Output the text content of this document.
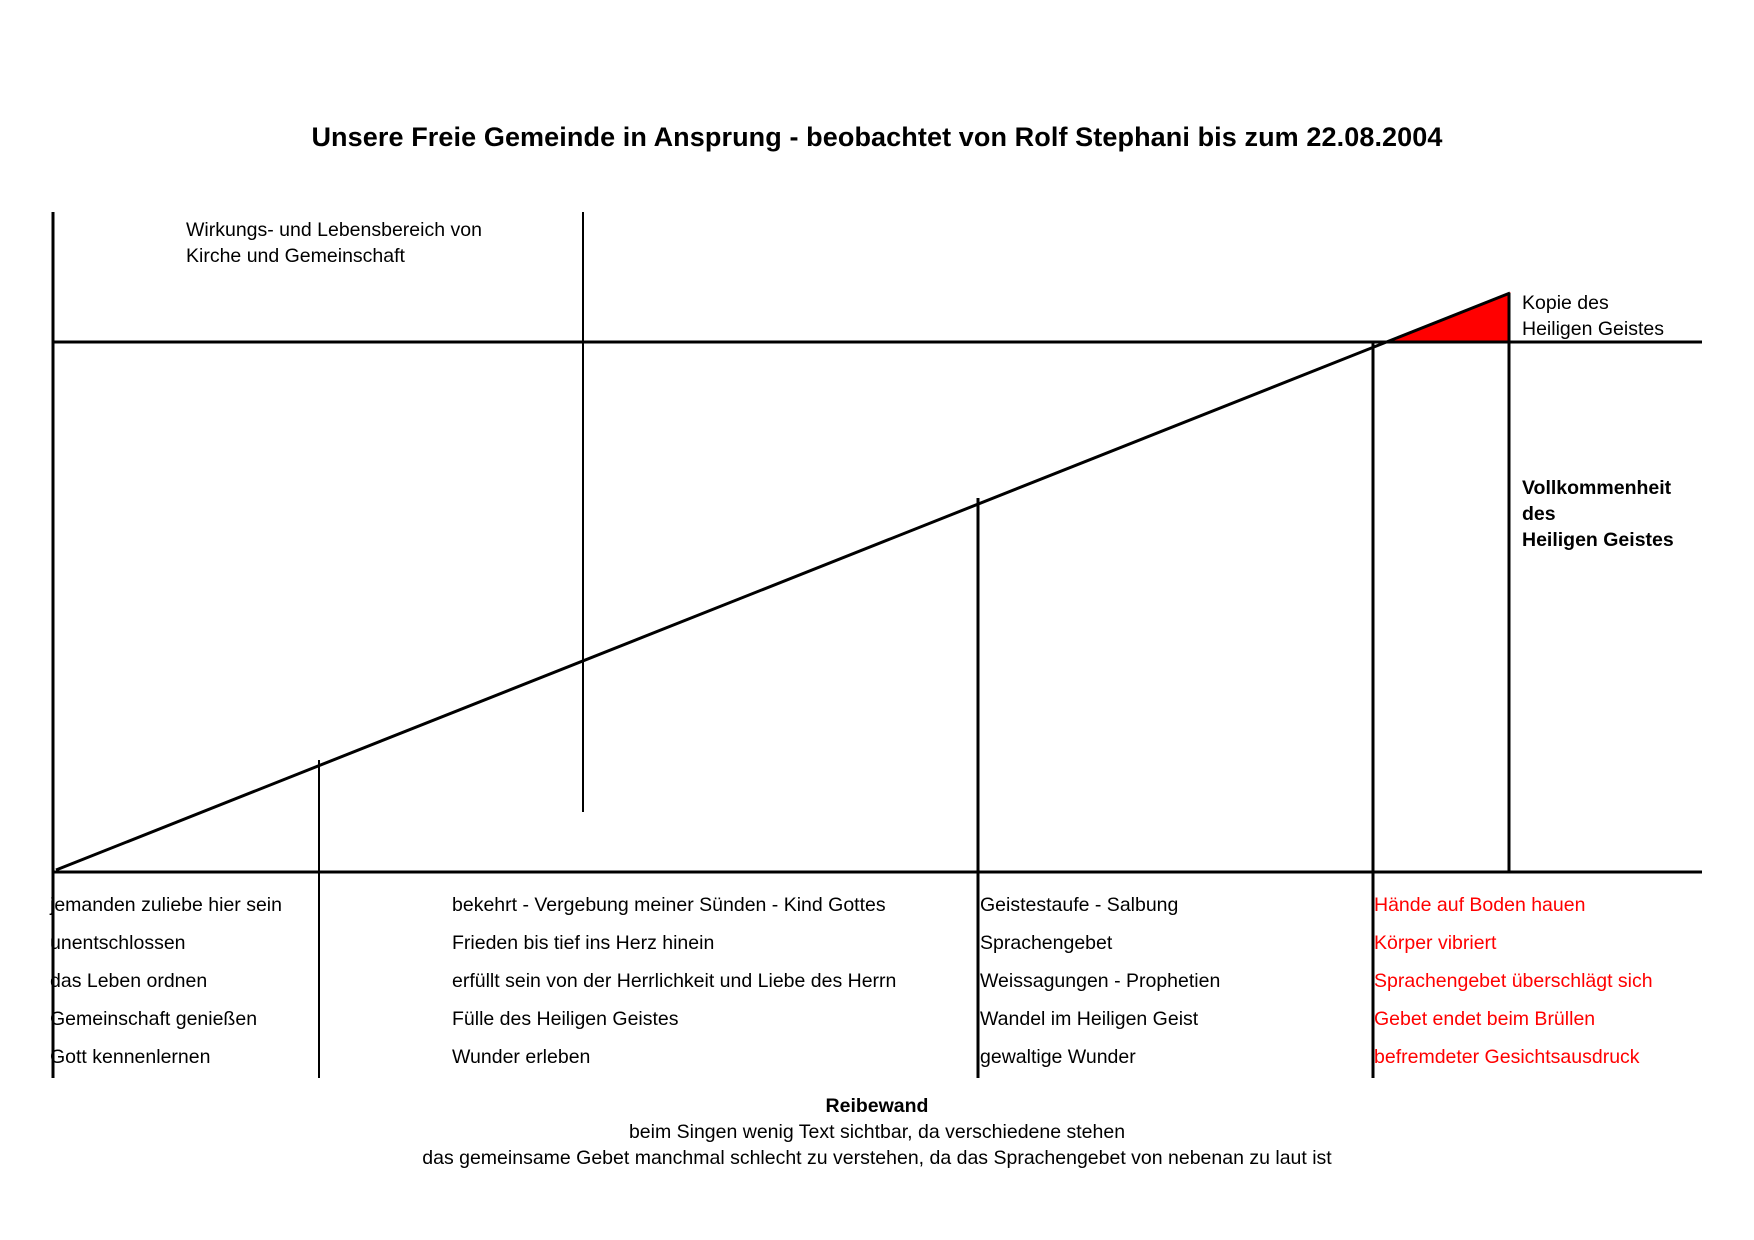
Unsere Freie Gemeinde in Ansprung - beobachtet von Rolf Stephani bis zum 22.08.2004
Wirkungs- und Lebensbereich von
Kirche und Gemeinschaft
Kopie des
Heiligen Geistes
Vollkommenheit
des
Heiligen Geistes
jemanden zuliebe hier sein
unentschlossen
das Leben ordnen
Gemeinschaft genießen
Gott kennenlernen
bekehrt - Vergebung meiner Sünden - Kind Gottes
Frieden bis tief ins Herz hinein
erfüllt sein von der Herrlichkeit und Liebe des Herrn
Fülle des Heiligen Geistes
Wunder erleben
Geistestaufe - Salbung
Sprachengebet
Weissagungen - Prophetien
Wandel im Heiligen Geist
gewaltige Wunder
Hände auf Boden hauen
Körper vibriert
Sprachengebet überschlägt sich
Gebet endet beim Brüllen
befremdeter Gesichtsausdruck
Reibewand
beim Singen wenig Text sichtbar, da verschiedene stehen
das gemeinsame Gebet manchmal schlecht zu verstehen, da das Sprachengebet von nebenan zu laut ist
